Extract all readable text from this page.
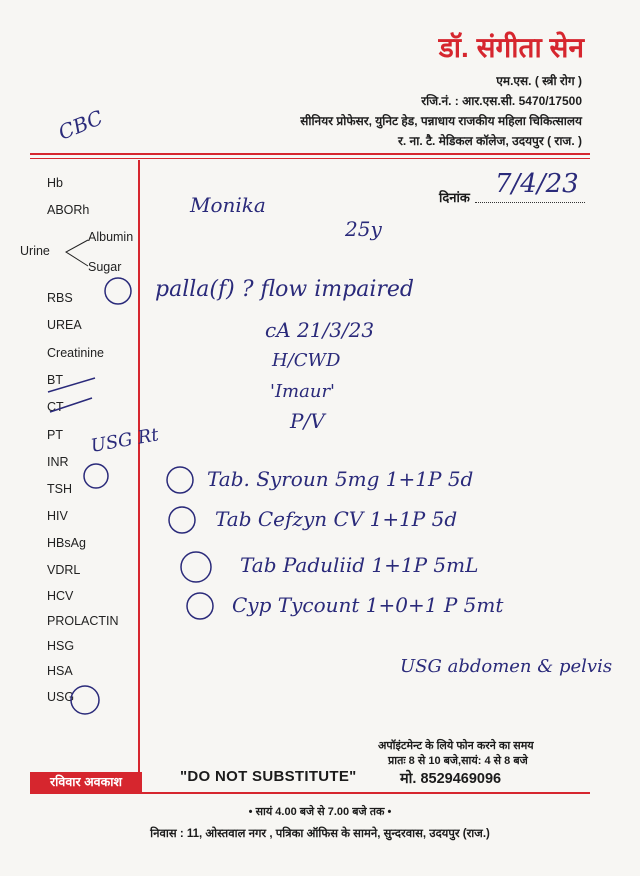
डॉ. संगीता सेन
एम.एस. ( स्त्री रोग )
रजि.नं. : आर.एस.सी. 5470/17500
सीनियर प्रोफेसर, युनिट हेड, पन्नाधाय राजकीय महिला चिकित्सालय
र. ना. टै. मेडिकल कॉलेज, उदयपुर ( राज. )
Hb
ABORh
Urine
Albumin
Sugar
RBS
UREA
Creatinine
BT
CT
PT
INR
TSH
HIV
HBsAg
VDRL
HCV
PROLACTIN
HSG
HSA
USG
दिनांक
CBC
7/4/23
Monika
25y
palla(f) ? flow impaired
cA 21/3/23
H/CWD
'Imaur'
P/V
USG Rt
Tab. Syroun 5mg 1+1P 5d
Tab Cefzyn CV 1+1P 5d
Tab Paduliid 1+1P 5mL
Cyp Tycount 1+0+1 P 5mt
USG abdomen & pelvis
अपॉइंटमेन्ट के लिये फोन करने का समय
प्रातः 8 से 10 बजे,सायं: 4 से 8 बजे
रविवार अवकाश	"DO NOT SUBSTITUTE"	मो. 8529469096
• सायं 4.00 बजे से 7.00 बजे तक •
निवास : 11, ओस्तवाल नगर , पत्रिका ऑफिस के सामने, सुन्दरवास, उदयपुर (राज.)
